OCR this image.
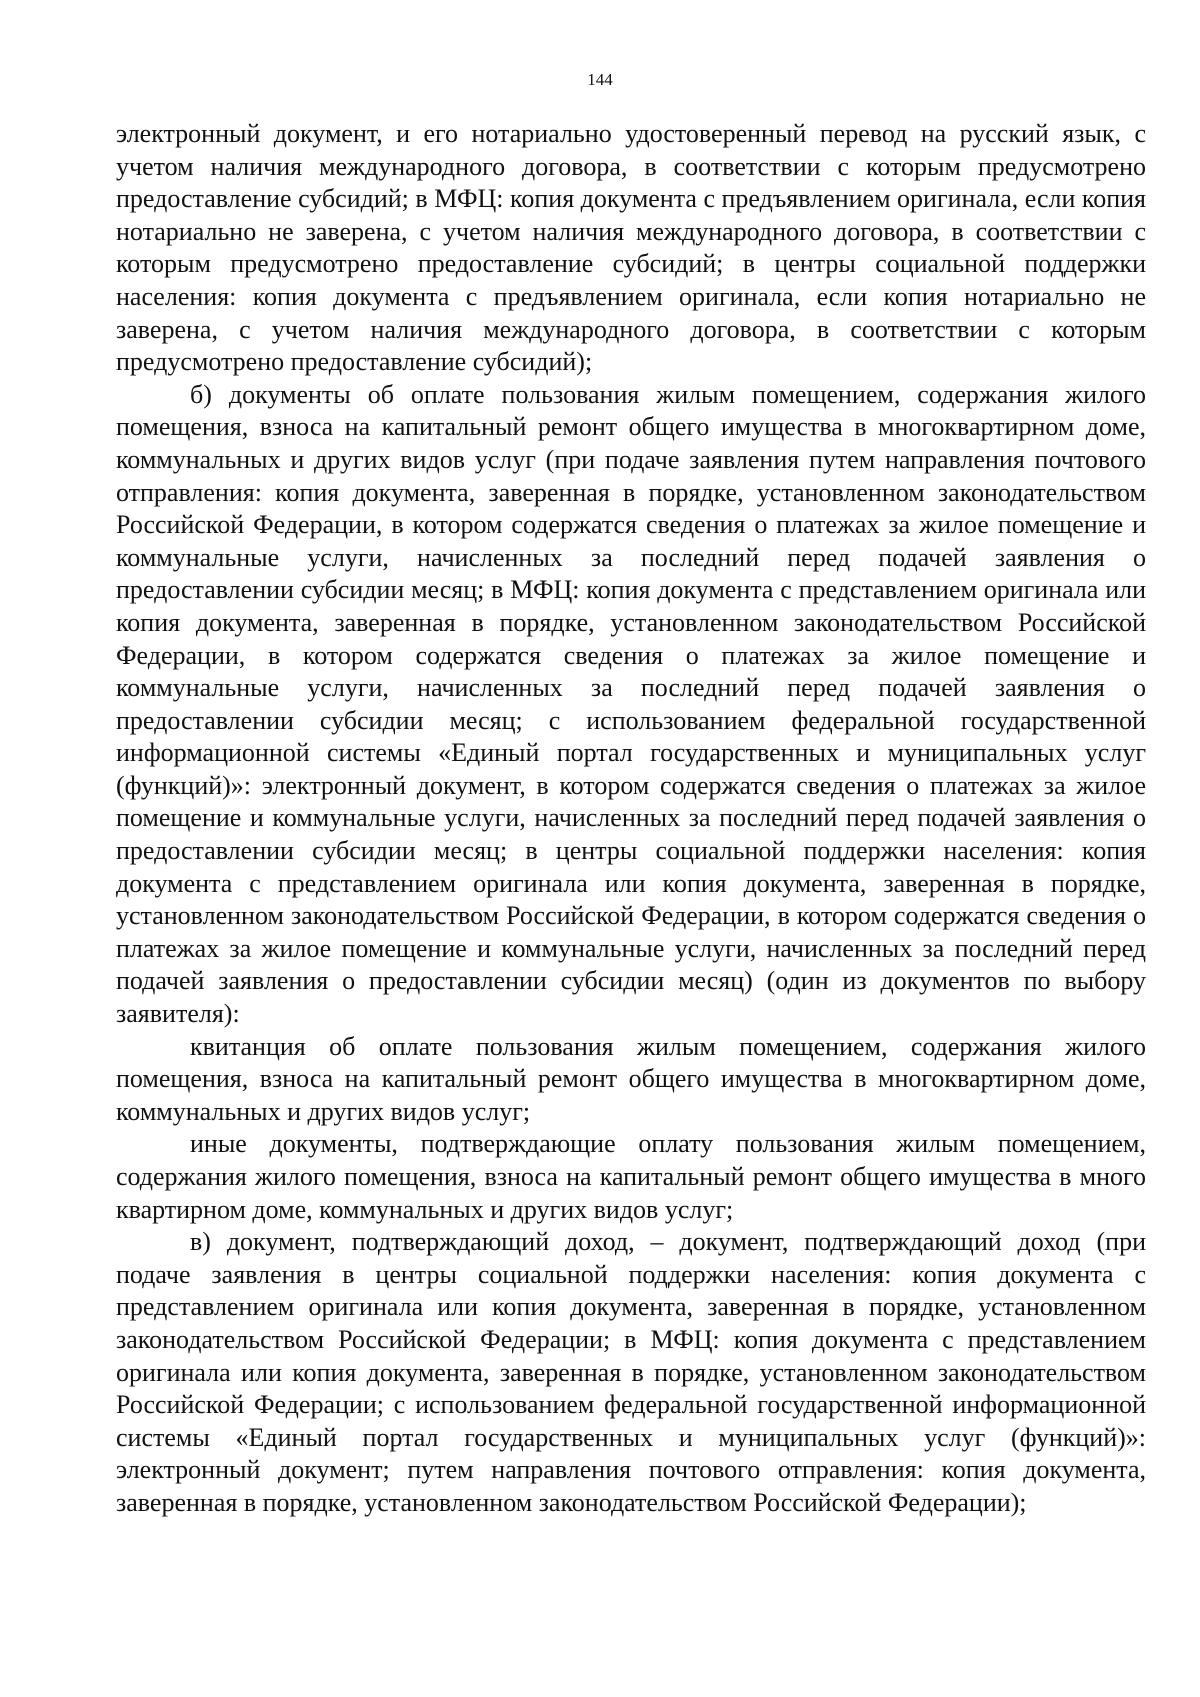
144

электронный документ, и его нотариально удостоверенный перевод на русский язык, с учетом наличия международного договора, в соответствии с которым предусмотрено предоставление субсидий; в МФЦ: копия документа с предъявлением оригинала, если копия нотариально не заверена, с учетом наличия международного договора, в соответствии с которым предусмотрено предоставление субсидий; в центры социальной поддержки населения: копия документа с предъявлением оригинала, если копия нотариально не заверена, с учетом наличия международного договора, в соответствии с которым предусмотрено предоставление субсидий);

б) документы об оплате пользования жилым помещением, содержания жилого помещения, взноса на капитальный ремонт общего имущества в многоквартирном доме, коммунальных и других видов услуг (при подаче заявления путем направления почтового отправления: копия документа, заверенная в порядке, установленном законодательством Российской Федерации, в котором содержатся сведения о платежах за жилое помещение и коммунальные услуги, начисленных за последний перед подачей заявления о предоставлении субсидии месяц; в МФЦ: копия документа с представлением оригинала или копия документа, заверенная в порядке, установленном законодательством Российской Федерации, в котором содержатся сведения о платежах за жилое помещение и коммунальные услуги, начисленных за последний перед подачей заявления о предоставлении субсидии месяц; с использованием федеральной государственной информационной системы «Единый портал государственных и муниципальных услуг (функций)»: электронный документ, в котором содержатся сведения о платежах за жилое помещение и коммунальные услуги, начисленных за последний перед подачей заявления о предоставлении субсидии месяц; в центры социальной поддержки населения: копия документа с представлением оригинала или копия документа, заверенная в порядке, установленном законодательством Российской Федерации, в котором содержатся сведения о платежах за жилое помещение и коммунальные услуги, начисленных за последний перед подачей заявления о предоставлении субсидии месяц) (один из документов по выбору заявителя):

квитанция об оплате пользования жилым помещением, содержания жилого помещения, взноса на капитальный ремонт общего имущества в многоквартирном доме, коммунальных и других видов услуг;

иные документы, подтверждающие оплату пользования жилым помещением, содержания жилого помещения, взноса на капитальный ремонт общего имущества в много квартирном доме, коммунальных и других видов услуг;

в) документ, подтверждающий доход, – документ, подтверждающий доход (при подаче заявления в центры социальной поддержки населения: копия документа с представлением оригинала или копия документа, заверенная в порядке, установленном законодательством Российской Федерации; в МФЦ: копия документа с представлением оригинала или копия документа, заверенная в порядке, установленном законодательством Российской Федерации; с использованием федеральной государственной информационной системы «Единый портал государственных и муниципальных услуг (функций)»: электронный документ; путем направления почтового отправления: копия документа, заверенная в порядке, установленном законодательством Российской Федерации);
